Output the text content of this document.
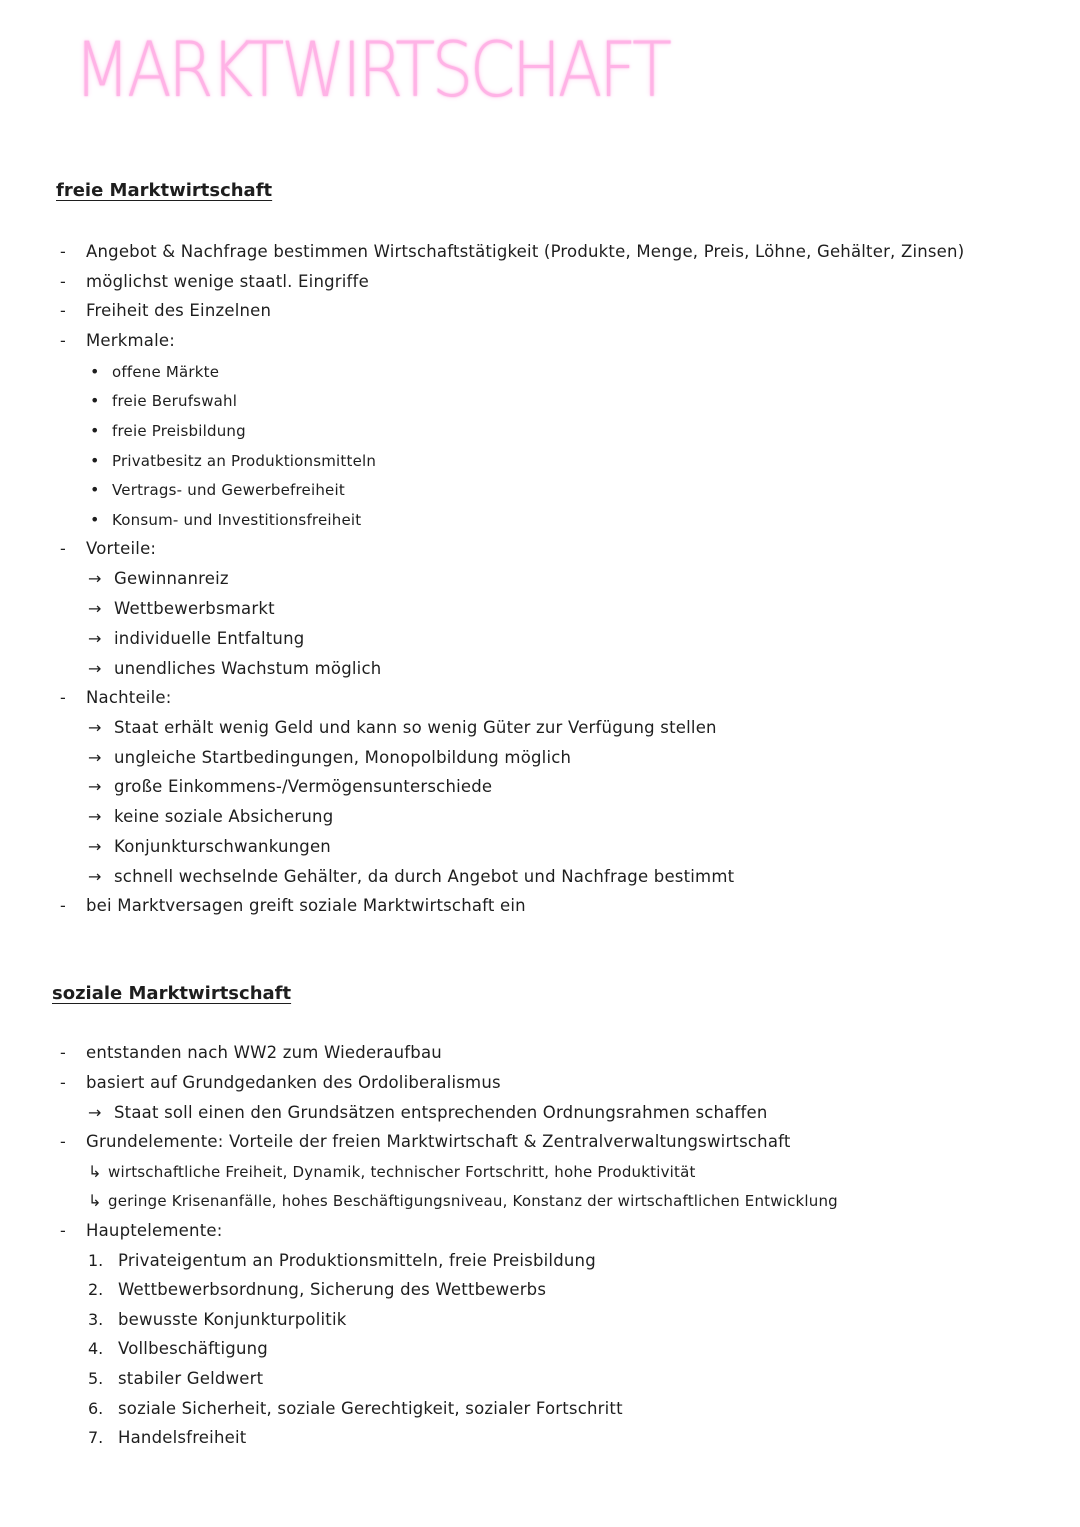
MARKTWIRTSCHAFT
freie Marktwirtschaft
- Angebot & Nachfrage bestimmen Wirtschaftstätigkeit (Produkte, Menge, Preis, Löhne, Gehälter, Zinsen)
- möglichst wenige staatl. Eingriffe
- Freiheit des Einzelnen
- Merkmale:
• offene Märkte
• freie Berufswahl
• freie Preisbildung
• Privatbesitz an Produktionsmitteln
• Vertrags- und Gewerbefreiheit
• Konsum- und Investitionsfreiheit
- Vorteile:
→ Gewinnanreiz
→ Wettbewerbsmarkt
→ individuelle Entfaltung
→ unendliches Wachstum möglich
- Nachteile:
→ Staat erhält wenig Geld und kann so wenig Güter zur Verfügung stellen
→ ungleiche Startbedingungen, Monopolbildung möglich
→ große Einkommens-/Vermögensunterschiede
→ keine soziale Absicherung
→ Konjunkturschwankungen
→ schnell wechselnde Gehälter, da durch Angebot und Nachfrage bestimmt
- bei Marktversagen greift soziale Marktwirtschaft ein
soziale Marktwirtschaft
- entstanden nach WW2 zum Wiederaufbau
- basiert auf Grundgedanken des Ordoliberalismus
→ Staat soll einen den Grundsätzen entsprechenden Ordnungsrahmen schaffen
- Grundelemente: Vorteile der freien Marktwirtschaft & Zentralverwaltungswirtschaft
↳ wirtschaftliche Freiheit, Dynamik, technischer Fortschritt, hohe Produktivität
↳ geringe Krisenanfälle, hohes Beschäftigungsniveau, Konstanz der wirtschaftlichen Entwicklung
- Hauptelemente:
1. Privateigentum an Produktionsmitteln, freie Preisbildung
2. Wettbewerbsordnung, Sicherung des Wettbewerbs
3. bewusste Konjunkturpolitik
4. Vollbeschäftigung
5. stabiler Geldwert
6. soziale Sicherheit, soziale Gerechtigkeit, sozialer Fortschritt
7. Handelsfreiheit
